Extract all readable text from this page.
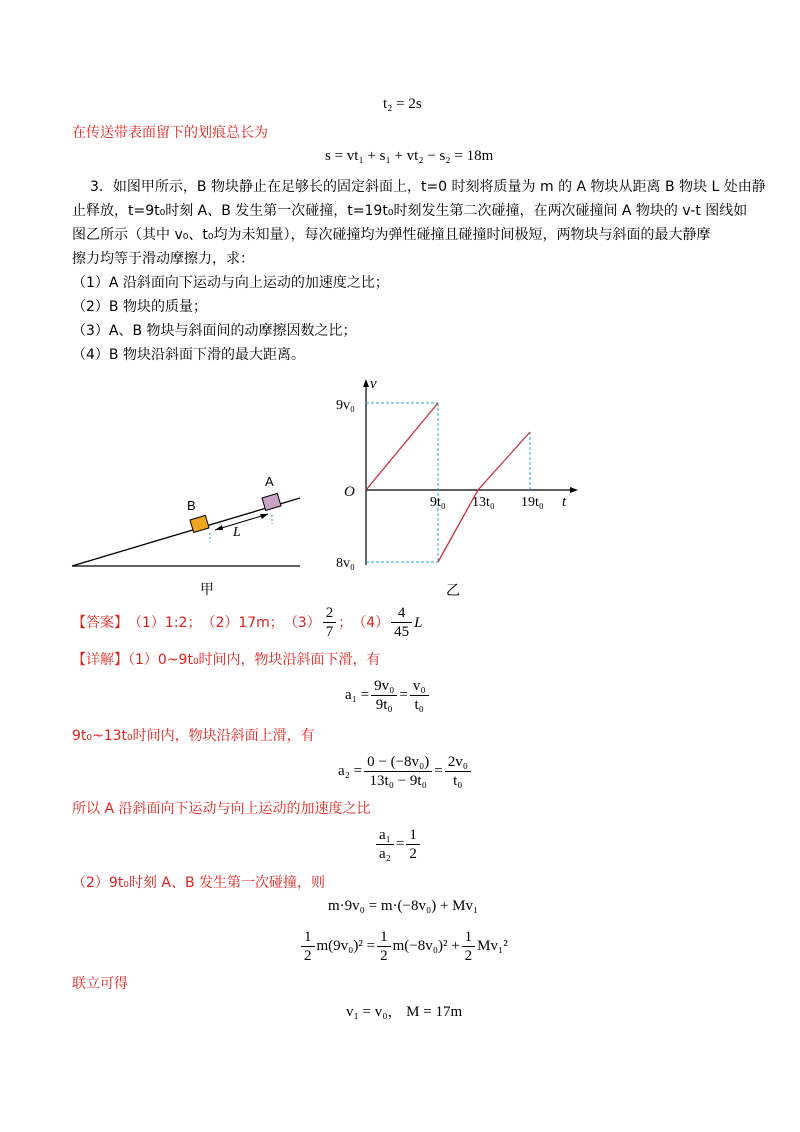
t₂ = 2s
在传送带表面留下的划痕总长为
s = vt₁ + s₁ + vt₂ − s₂ = 18m
3．如图甲所示，B 物块静止在足够长的固定斜面上，t=0 时刻将质量为 m 的 A 物块从距离 B 物块 L 处由静
止释放，t=9t₀时刻 A、B 发生第一次碰撞，t=19t₀时刻发生第二次碰撞，在两次碰撞间 A 物块的 v-t 图线如
图乙所示（其中 v₀、t₀均为未知量），每次碰撞均为弹性碰撞且碰撞时间极短，两物块与斜面的最大静摩
擦力均等于滑动摩擦力，求：
（1）A 沿斜面向下运动与向上运动的加速度之比；
（2）B 物块的质量；
（3）A、B 物块与斜面间的动摩擦因数之比；
（4）B 物块沿斜面下滑的最大距离。
A
B
L
甲
v
t
O
9v₀
8v₀
9t₀ 13t₀ 19t₀
乙
【答案】 （1）1:2； （2）17m； $(3) \frac{2}{7}$ ； $(4) \frac{4}{45}$ L
【详解】（1）0~9t₀时间内，物块沿斜面下滑，有
$a_1 = \frac{\text{9v₀}}{\text{9t₀}} = \frac{\text{v₀}}{\text{t₀}}$
9t₀~13t₀时间内，物块沿斜面上滑，有
$a_2 = \frac{\text{0 − (−8v₀)}}{\text{13t₀ − 9t₀}} = \frac{\text{2v₀}}{\text{t₀}}$
所以 A 沿斜面向下运动与向上运动的加速度之比
$\frac{\text{a₁}}{\text{a₂}} = \frac{1}{2}$
（2）9t₀时刻 A、B 发生第一次碰撞，则
m·9v₀ = m·(−8v₀) + Mv₁
$\frac{1}{2} m(9v_0)^2 = \frac{1}{2} m(-8v_0)^2 + \frac{1}{2} Mv_1^2$
联立可得
v₁ = v₀， M = 17m
